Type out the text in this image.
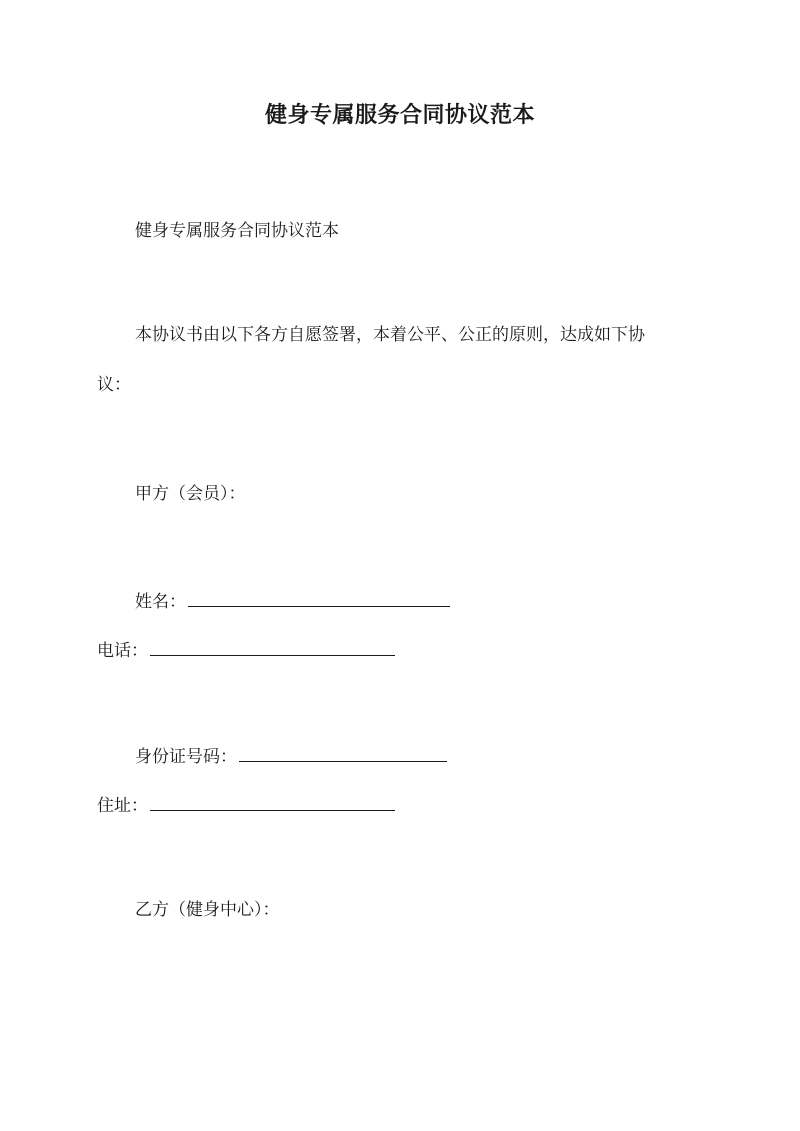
健身专属服务合同协议范本
健身专属服务合同协议范本
本协议书由以下各方自愿签署，本着公平、公正的原则，达成如下协
议：
甲方（会员）：
姓名：
电话：
身份证号码：
住址：
乙方（健身中心）：
